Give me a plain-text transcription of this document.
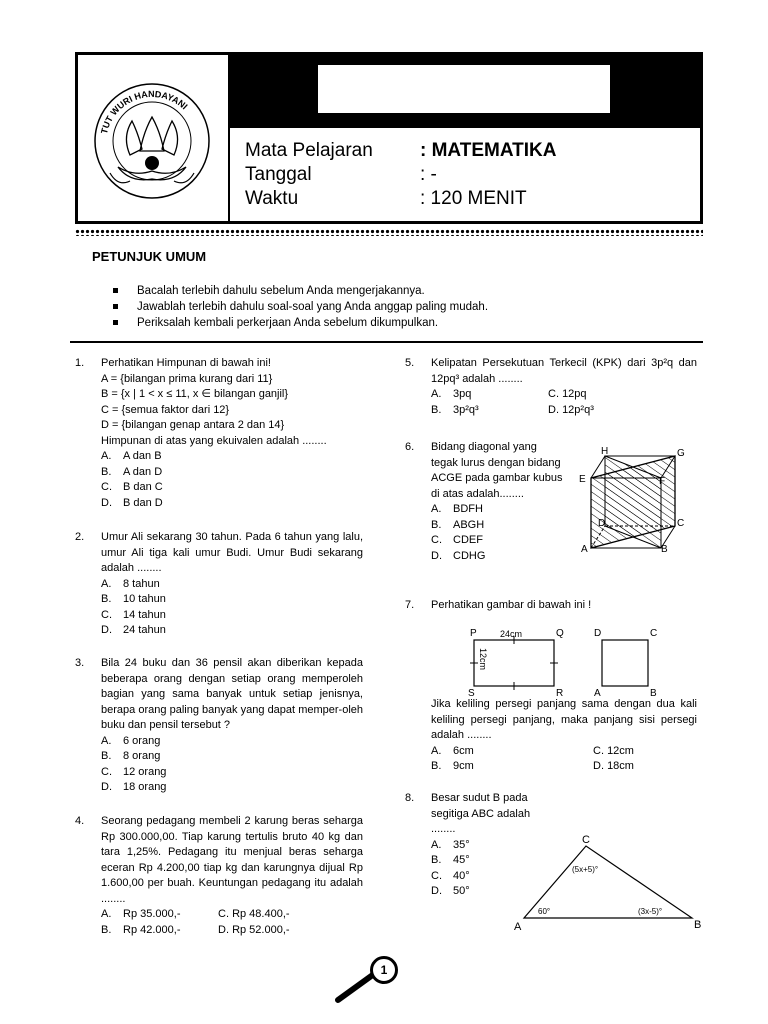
TUT WURI HANDAYANI
Mata Pelajaran : MATEMATIKA
Tanggal	: -
Waktu	: 120 MENIT
PETUNJUK UMUM
Bacalah terlebih dahulu sebelum Anda mengerjakannya.
Jawablah terlebih dahulu soal-soal yang Anda anggap paling mudah.
Periksalah kembali perkerjaan Anda sebelum dikumpulkan.
1. Perhatikan Himpunan di bawah ini!
A = {bilangan prima kurang dari 11}
B = {x | 1 < x ≤ 11, x ∈ bilangan ganjil}
C = {semua faktor dari 12}
D = {bilangan genap antara 2 dan 14}
Himpunan di atas yang ekuivalen adalah ........
A. A dan B
B. A dan D
C. B dan C
D. B dan D
2. Umur Ali sekarang 30 tahun. Pada 6 tahun yang lalu, umur Ali tiga kali umur Budi. Umur Budi sekarang adalah ........
A. 8 tahun
B. 10 tahun
C. 14 tahun
D. 24 tahun
3. Bila 24 buku dan 36 pensil akan diberikan kepada beberapa orang dengan setiap orang memperoleh bagian yang sama banyak untuk setiap jenisnya, berapa orang paling banyak yang dapat memper-oleh buku dan pensil tersebut ?
A. 6 orang
B. 8 orang
C. 12 orang
D. 18 orang
4. Seorang pedagang membeli 2 karung beras seharga Rp 300.000,00. Tiap karung tertulis bruto 40 kg dan tara 1,25%. Pedagang itu menjual beras seharga eceran Rp 4.200,00 tiap kg dan karungnya dijual Rp 1.600,00 per buah. Keuntungan pedagang itu adalah ........
A. Rp 35.000,-	C. Rp 48.400,-
B. Rp 42.000,-	D. Rp 52.000,-
5. Kelipatan Persekutuan Terkecil (KPK) dari 3p²q dan 12pq³ adalah ........
A. 3pq	C. 12pq
B. 3p²q³	D. 12p²q³
6. Bidang diagonal yang tegak lurus dengan bidang ACGE pada gambar kubus di atas adalah........
A. BDFH
B. ABGH
C. CDEF
D. CDHG
H	G
E	F
D	C
A	B
7. Perhatikan gambar di bawah ini !
P	Q
S	R
24cm
12cm
D	C
A	B
Jika keliling persegi panjang sama dengan dua kali keliling persegi panjang, maka panjang sisi persegi adalah ........
A. 6cm	C. 12cm
B. 9cm	D. 18cm
8. Besar sudut B pada segitiga ABC adalah ........
A. 35°
B. 45°
C. 40°
D. 50°
A	B
C
60°	(3x-5)°
(5x+5)°
1
